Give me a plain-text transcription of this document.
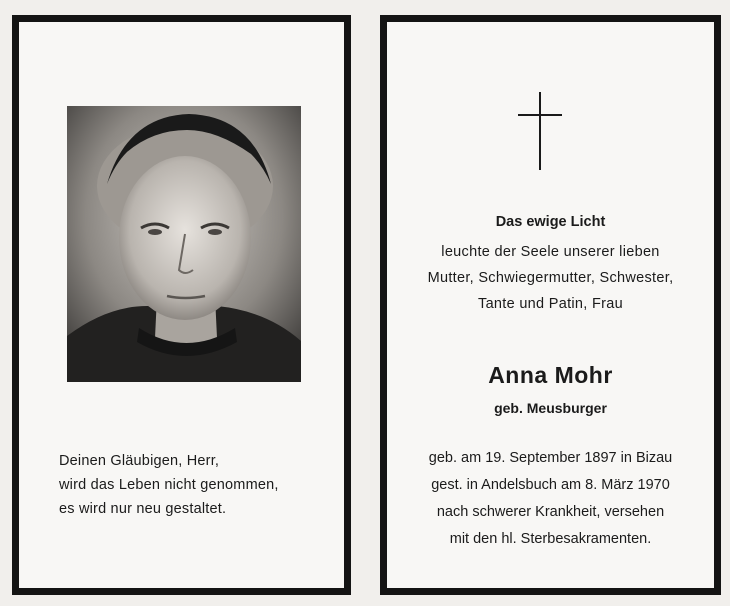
Deinen Gläubigen, Herr,
wird das Leben nicht genommen,
es wird nur neu gestaltet.
Das ewige Licht
leuchte der Seele unserer lieben
Mutter, Schwiegermutter, Schwester,
Tante und Patin, Frau
Anna Mohr
geb. Meusburger
geb. am 19. September 1897 in Bizau
gest. in Andelsbuch am 8. März 1970
nach schwerer Krankheit, versehen
mit den hl. Sterbesakramenten.
